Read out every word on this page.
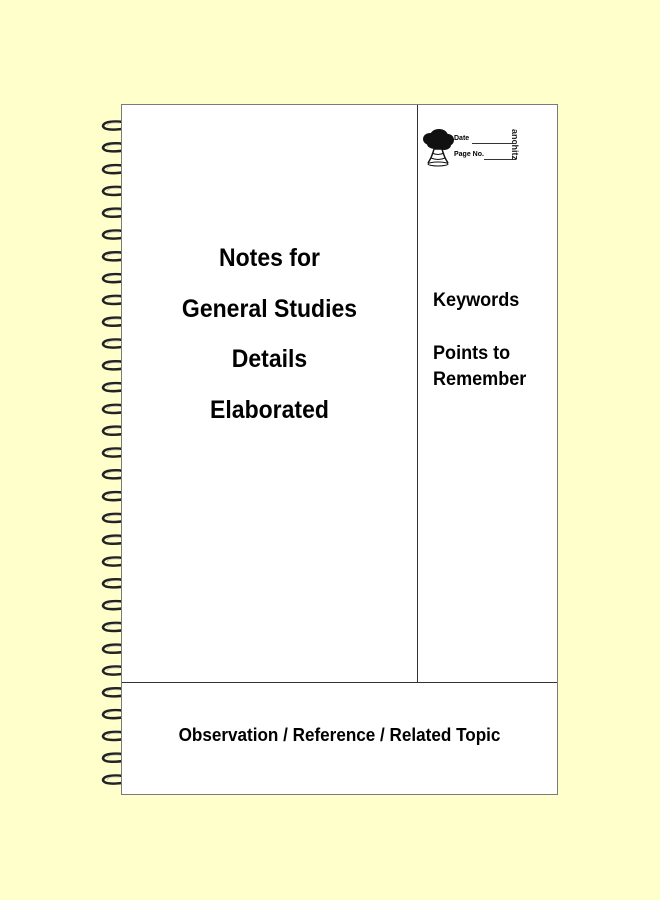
Date
Page No.	anchitz
Notes for
General Studies
Details
Elaborated
Keywords
Points to Remember
Observation / Reference / Related Topic
